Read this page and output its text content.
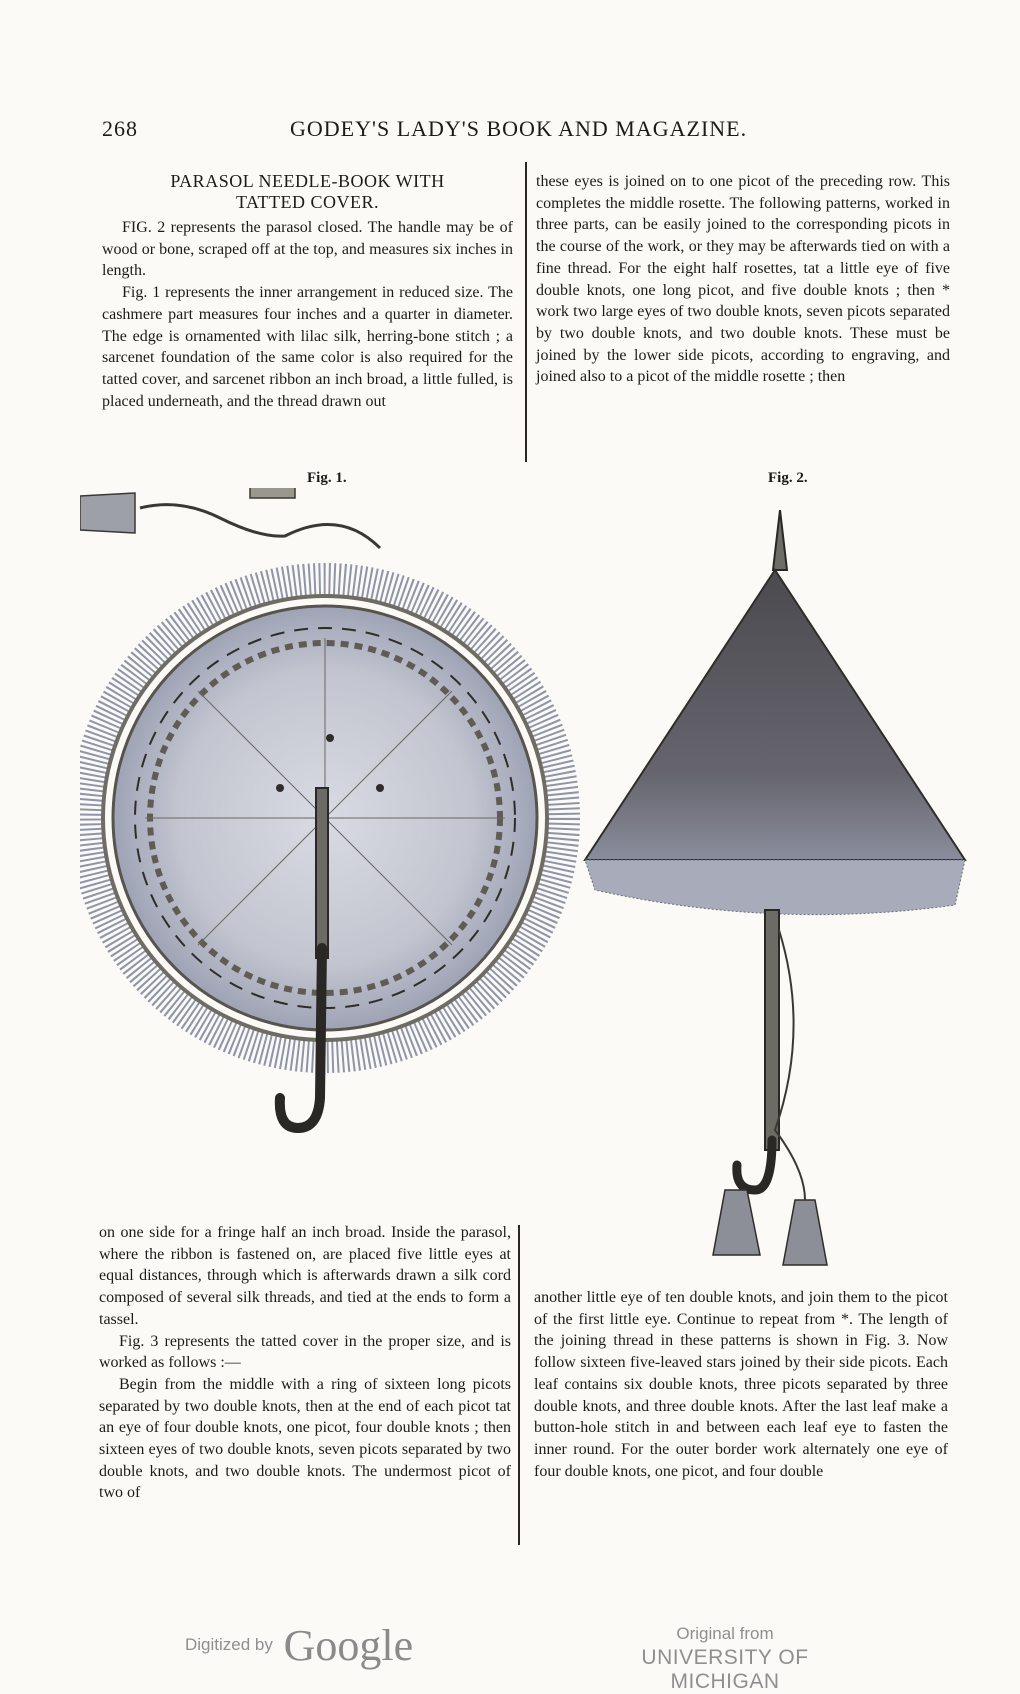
268	GODEY'S LADY'S BOOK AND MAGAZINE.
PARASOL NEEDLE-BOOK WITH
TATTED COVER.

FIG. 2 represents the parasol closed. The handle may be of wood or bone, scraped off at the top, and measures six inches in length.

Fig. 1 represents the inner arrangement in reduced size. The cashmere part measures four inches and a quarter in diameter. The edge is ornamented with lilac silk, herring-bone stitch ; a sarcenet foundation of the same color is also required for the tatted cover, and sarcenet ribbon an inch broad, a little fulled, is placed underneath, and the thread drawn out

these eyes is joined on to one picot of the preceding row. This completes the middle rosette. The following patterns, worked in three parts, can be easily joined to the corresponding picots in the course of the work, or they may be afterwards tied on with a fine thread. For the eight half rosettes, tat a little eye of five double knots, one long picot, and five double knots ; then * work two large eyes of two double knots, seven picots separated by two double knots, and two double knots. These must be joined by the lower side picots, according to engraving, and joined also to a picot of the middle rosette ; then

Fig. 1.	Fig. 2.

on one side for a fringe half an inch broad. Inside the parasol, where the ribbon is fastened on, are placed five little eyes at equal distances, through which is afterwards drawn a silk cord composed of several silk threads, and tied at the ends to form a tassel.

Fig. 3 represents the tatted cover in the proper size, and is worked as follows :—

Begin from the middle with a ring of sixteen long picots separated by two double knots, then at the end of each picot tat an eye of four double knots, one picot, four double knots ; then sixteen eyes of two double knots, seven picots separated by two double knots, and two double knots. The undermost picot of two of

another little eye of ten double knots, and join them to the picot of the first little eye. Continue to repeat from *. The length of the joining thread in these patterns is shown in Fig. 3. Now follow sixteen five-leaved stars joined by their side picots. Each leaf contains six double knots, three picots separated by three double knots, and three double knots. After the last leaf make a button-hole stitch in and between each leaf eye to fasten the inner round. For the outer border work alternately one eye of four double knots, one picot, and four double

Digitized by Google	Original from
UNIVERSITY OF MICHIGAN
